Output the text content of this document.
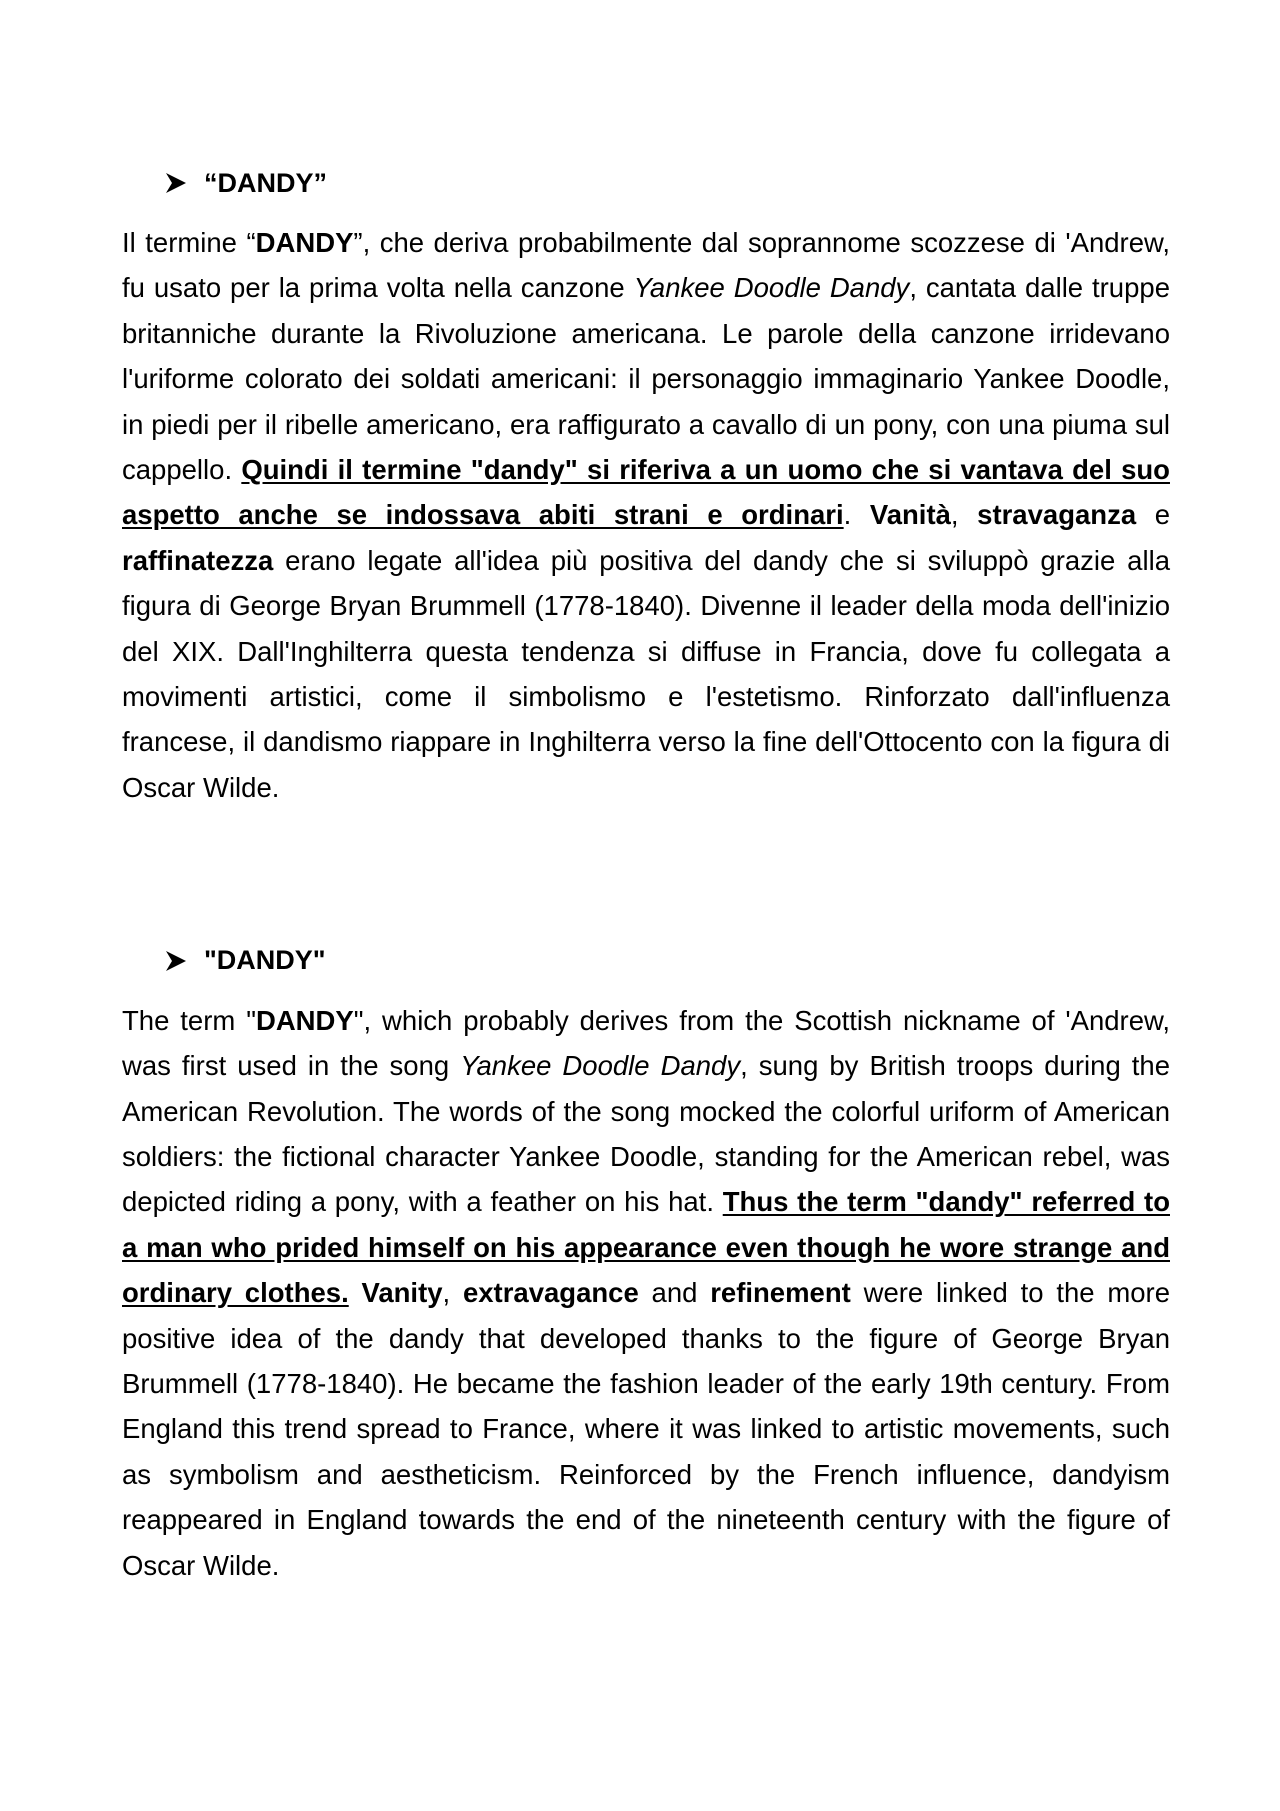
“DANDY”

Il termine “DANDY”, che deriva probabilmente dal soprannome scozzese di 'Andrew, fu usato per la prima volta nella canzone Yankee Doodle Dandy, cantata dalle truppe britanniche durante la Rivoluzione americana. Le parole della canzone irridevano l'uriforme colorato dei soldati americani: il personaggio immaginario Yankee Doodle, in piedi per il ribelle americano, era raffigurato a cavallo di un pony, con una piuma sul cappello. Quindi il termine "dandy" si riferiva a un uomo che si vantava del suo aspetto anche se indossava abiti strani e ordinari. Vanità, stravaganza e raffinatezza erano legate all'idea più positiva del dandy che si sviluppò grazie alla figura di George Bryan Brummell (1778-1840). Divenne il leader della moda dell'inizio del XIX. Dall'Inghilterra questa tendenza si diffuse in Francia, dove fu collegata a movimenti artistici, come il simbolismo e l'estetismo. Rinforzato dall'influenza francese, il dandismo riappare in Inghilterra verso la fine dell'Ottocento con la figura di Oscar Wilde.

"DANDY"

The term "DANDY", which probably derives from the Scottish nickname of 'Andrew, was first used in the song Yankee Doodle Dandy, sung by British troops during the American Revolution. The words of the song mocked the colorful uriform of American soldiers: the fictional character Yankee Doodle, standing for the American rebel, was depicted riding a pony, with a feather on his hat. Thus the term "dandy" referred to a man who prided himself on his appearance even though he wore strange and ordinary clothes. Vanity, extravagance and refinement were linked to the more positive idea of the dandy that developed thanks to the figure of George Bryan Brummell (1778-1840). He became the fashion leader of the early 19th century. From England this trend spread to France, where it was linked to artistic movements, such as symbolism and aestheticism. Reinforced by the French influence, dandyism reappeared in England towards the end of the nineteenth century with the figure of Oscar Wilde.
